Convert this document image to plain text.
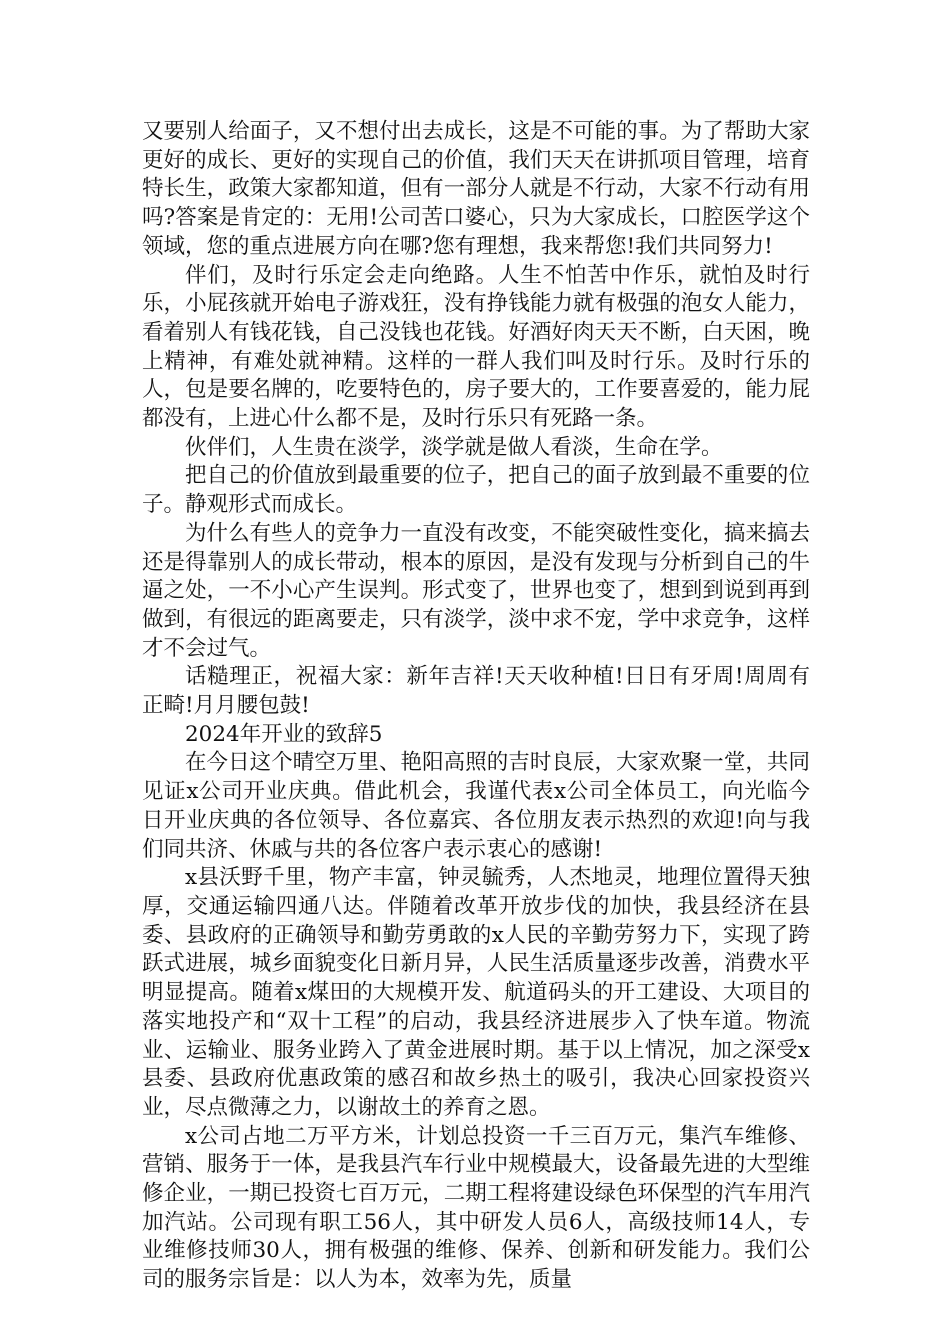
又要别人给面子，又不想付出去成长，这是不可能的事。为了帮助大家更好的成长、更好的实现自己的价值，我们天天在讲抓项目管理，培育特长生，政策大家都知道，但有一部分人就是不行动，大家不行动有用吗?答案是肯定的：无用!公司苦口婆心，只为大家成长，口腔医学这个领域，您的重点进展方向在哪?您有理想，我来帮您!我们共同努力!

伴们，及时行乐定会走向绝路。人生不怕苦中作乐，就怕及时行乐，小屁孩就开始电子游戏狂，没有挣钱能力就有极强的泡女人能力，看着别人有钱花钱，自己没钱也花钱。好酒好肉天天不断，白天困，晚上精神，有难处就神精。这样的一群人我们叫及时行乐。及时行乐的人，包是要名牌的，吃要特色的，房子要大的，工作要喜爱的，能力屁都没有，上进心什么都不是，及时行乐只有死路一条。

伙伴们，人生贵在淡学，淡学就是做人看淡，生命在学。

把自己的价值放到最重要的位子，把自己的面子放到最不重要的位子。静观形式而成长。

为什么有些人的竞争力一直没有改变，不能突破性变化，搞来搞去还是得靠别人的成长带动，根本的原因，是没有发现与分析到自己的牛逼之处，一不小心产生误判。形式变了，世界也变了，想到到说到再到做到，有很远的距离要走，只有淡学，淡中求不宠，学中求竞争，这样才不会过气。

话糙理正，祝福大家：新年吉祥!天天收种植!日日有牙周!周周有正畸!月月腰包鼓!

2024年开业的致辞5

在今日这个晴空万里、艳阳高照的吉时良辰，大家欢聚一堂，共同见证x公司开业庆典。借此机会，我谨代表x公司全体员工，向光临今日开业庆典的各位领导、各位嘉宾、各位朋友表示热烈的欢迎!向与我们同共济、休戚与共的各位客户表示衷心的感谢!

x县沃野千里，物产丰富，钟灵毓秀，人杰地灵，地理位置得天独厚，交通运输四通八达。伴随着改革开放步伐的加快，我县经济在县委、县政府的正确领导和勤劳勇敢的x人民的辛勤劳努力下，实现了跨跃式进展，城乡面貌变化日新月异，人民生活质量逐步改善，消费水平明显提高。随着x煤田的大规模开发、航道码头的开工建设、大项目的落实地投产和“双十工程”的启动，我县经济进展步入了快车道。物流业、运输业、服务业跨入了黄金进展时期。基于以上情况，加之深受x县委、县政府优惠政策的感召和故乡热土的吸引，我决心回家投资兴业，尽点微薄之力，以谢故土的养育之恩。

x公司占地二万平方米，计划总投资一千三百万元，集汽车维修、营销、服务于一体，是我县汽车行业中规模最大，设备最先进的大型维修企业，一期已投资七百万元，二期工程将建设绿色环保型的汽车用汽加汽站。公司现有职工56人，其中研发人员6人，高级技师14人，专业维修技师30人，拥有极强的维修、保养、创新和研发能力。我们公司的服务宗旨是：以人为本，效率为先，质量
